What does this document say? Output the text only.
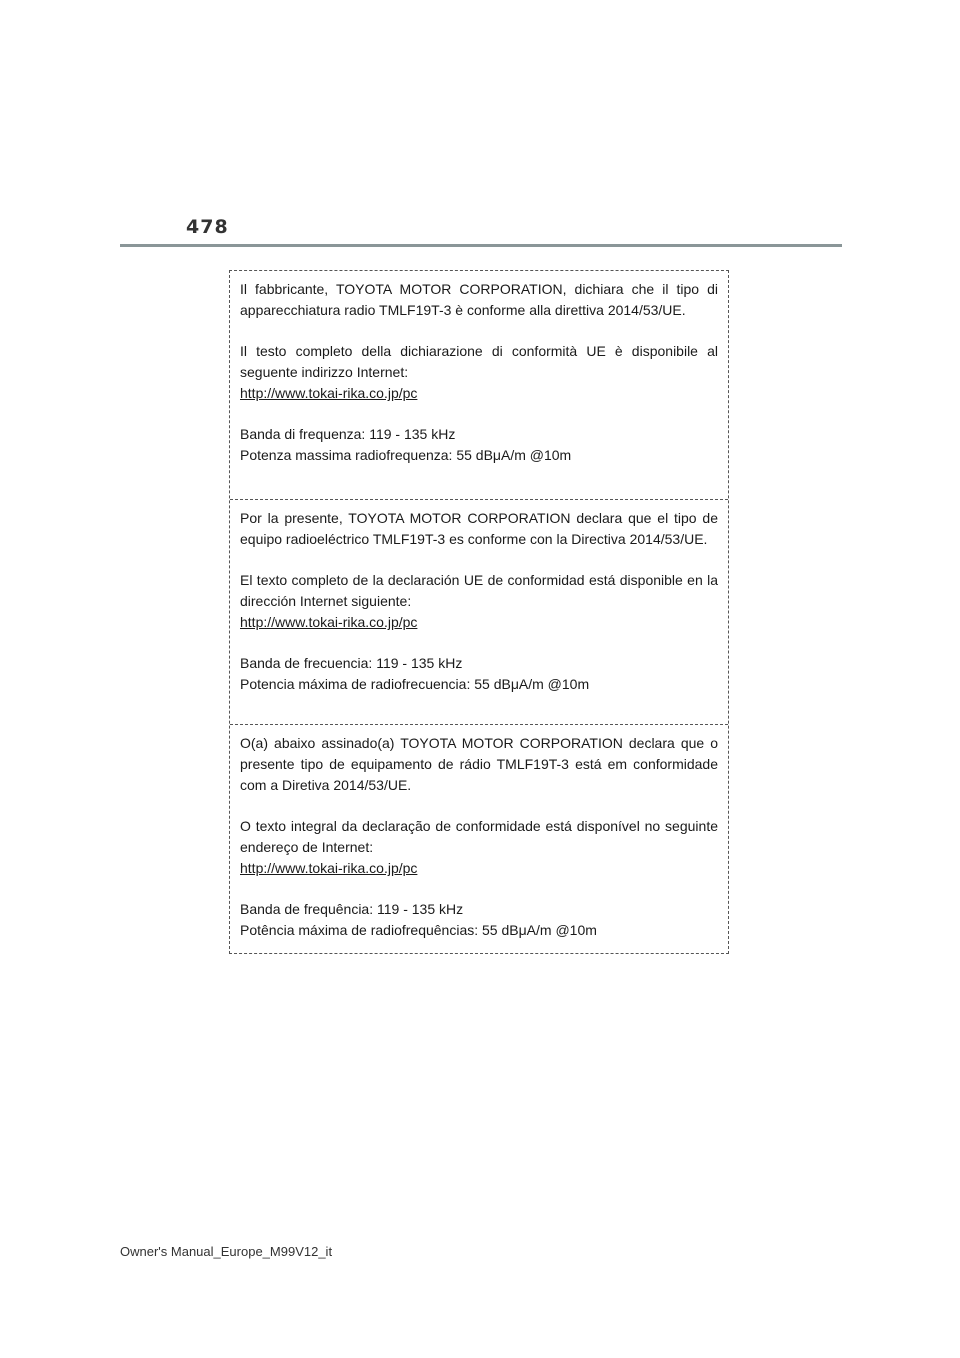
478

Il fabbricante, TOYOTA MOTOR CORPORATION, dichiara che il tipo di apparecchiatura radio TMLF19T-3 è conforme alla direttiva 2014/53/UE.

Il testo completo della dichiarazione di conformità UE è disponibile al seguente indirizzo Internet:
http://www.tokai-rika.co.jp/pc

Banda di frequenza: 119 - 135 kHz
Potenza massima radiofrequenza: 55 dBμA/m @10m

Por la presente, TOYOTA MOTOR CORPORATION declara que el tipo de equipo radioeléctrico TMLF19T-3 es conforme con la Directiva 2014/53/UE.

El texto completo de la declaración UE de conformidad está disponible en la dirección Internet siguiente:
http://www.tokai-rika.co.jp/pc

Banda de frecuencia: 119 - 135 kHz
Potencia máxima de radiofrecuencia: 55 dBμA/m @10m

O(a) abaixo assinado(a) TOYOTA MOTOR CORPORATION declara que o presente tipo de equipamento de rádio TMLF19T-3 está em conformidade com a Diretiva 2014/53/UE.

O texto integral da declaração de conformidade está disponível no seguinte endereço de Internet:
http://www.tokai-rika.co.jp/pc

Banda de frequência: 119 - 135 kHz
Potência máxima de radiofrequências: 55 dBμA/m @10m

Owner's Manual_Europe_M99V12_it
